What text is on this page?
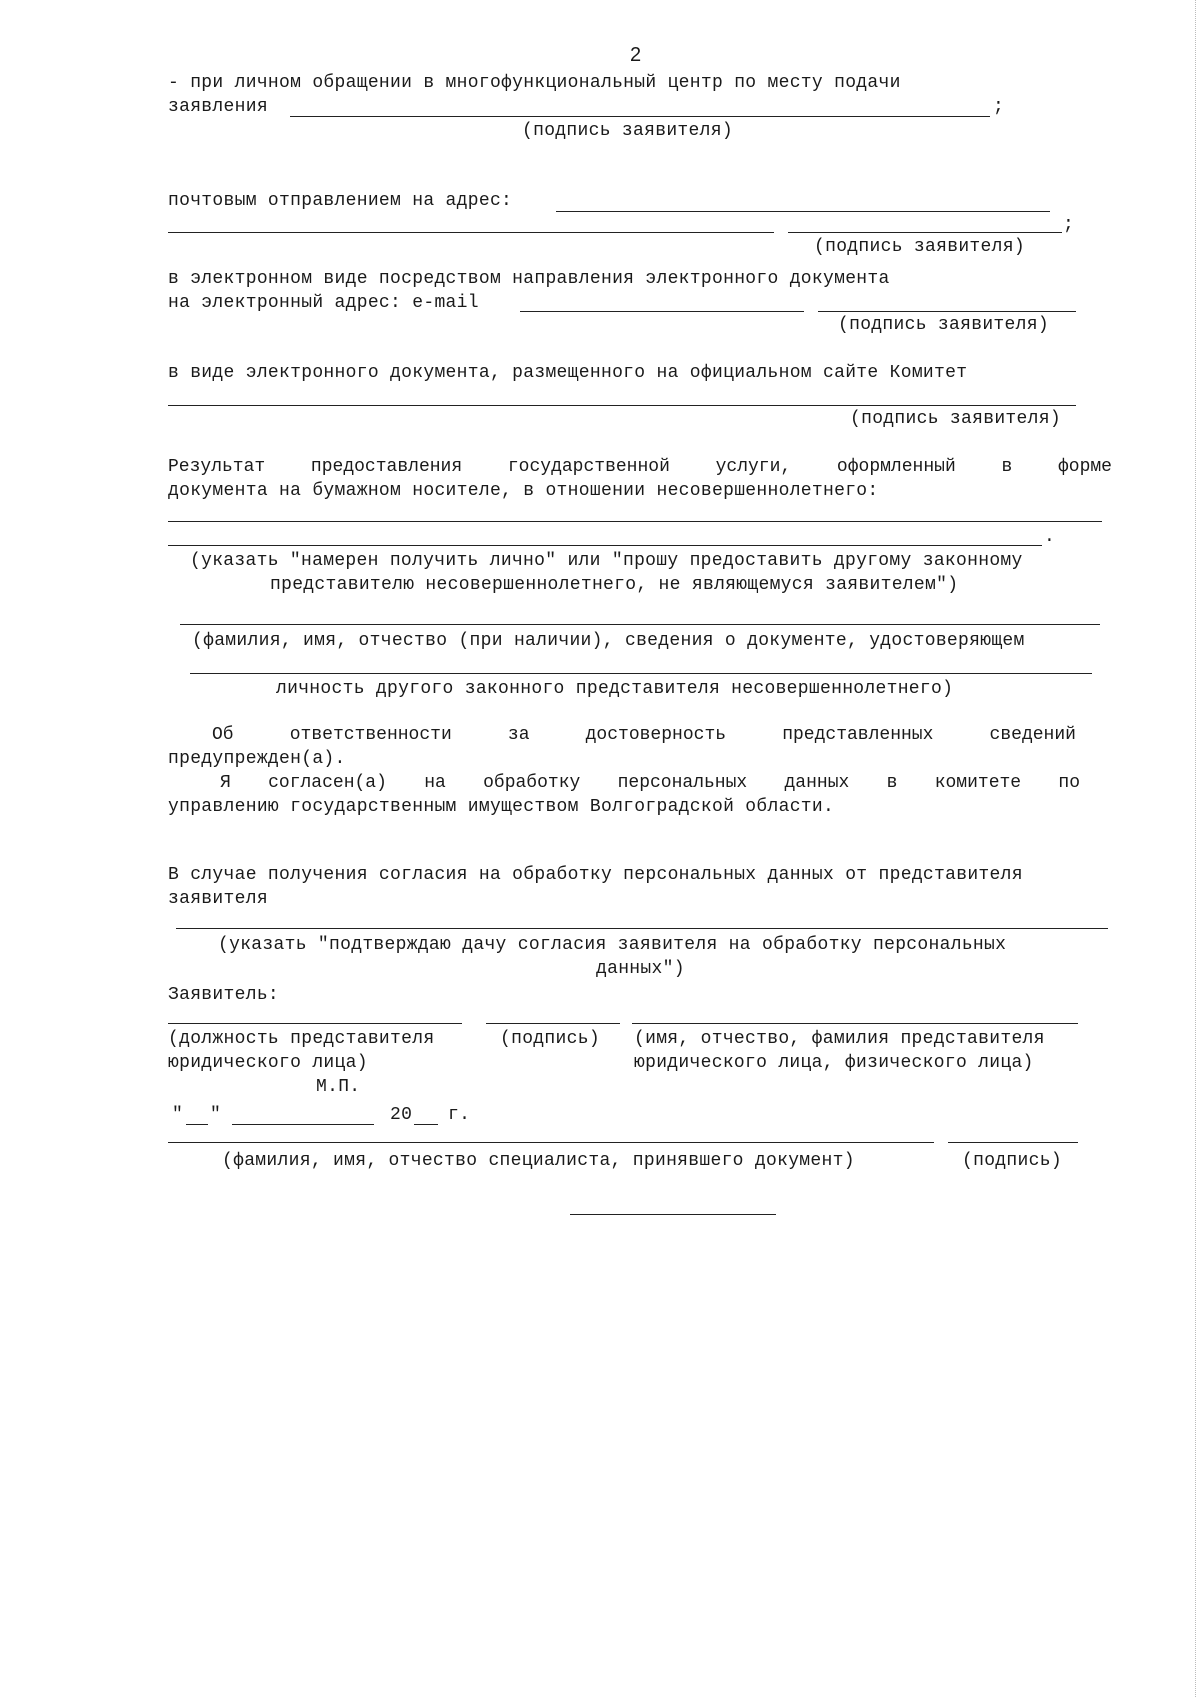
2
- при личном обращении в многофункциональный центр по месту подачи
заявления	;
(подпись заявителя)
почтовым отправлением на адрес:
;
(подпись заявителя)
в электронном виде посредством направления электронного документа
на электронный адрес: e-mail
(подпись заявителя)
в виде электронного документа, размещенного на официальном сайте Комитет
(подпись заявителя)
Результат	предоставления	государственной	услуги,	оформленный	в	форме
документа на бумажном носителе, в отношении несовершеннолетнего:
.
(указать "намерен получить лично" или "прошу предоставить другому законному
представителю несовершеннолетнего, не являющемуся заявителем")
(фамилия, имя, отчество (при наличии), сведения о документе, удостоверяющем
личность другого законного представителя несовершеннолетнего)
Об	ответственности	за	достоверность	представленных	сведений
предупрежден(а).
Я согласен(а) на обработку персональных данных в комитете по
управлению государственным имуществом Волгоградской области.
В случае получения согласия на обработку персональных данных от представителя
заявителя
(указать "подтверждаю дачу согласия заявителя на обработку персональных
данных")
Заявитель:
(должность представителя
юридического лица)
(подпись) (имя, отчество, фамилия представителя
юридического лица, физического лица)
М.П.
" "	20 г.
(фамилия, имя, отчество специалиста, принявшего документ)	(подпись)
